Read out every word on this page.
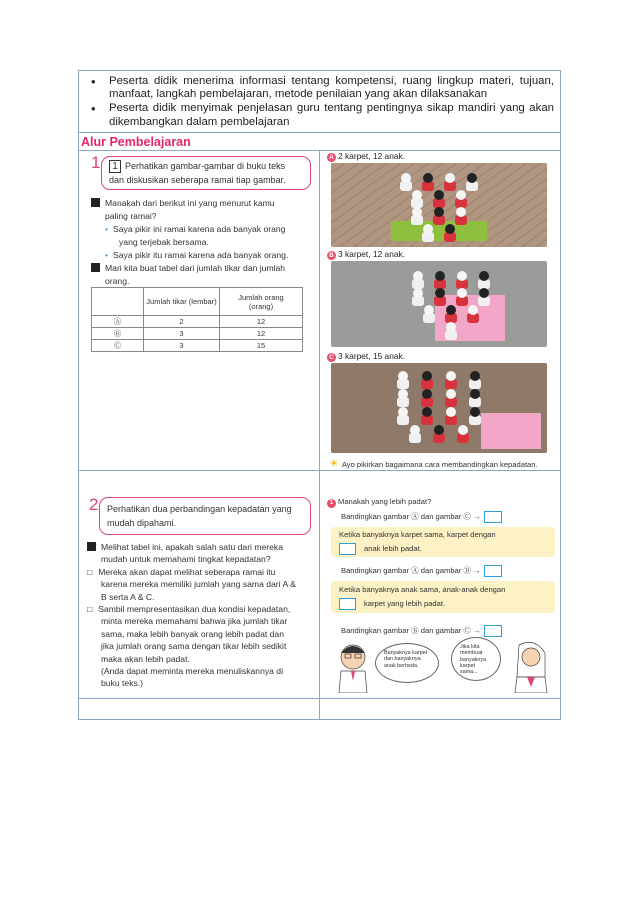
• Peserta didik menerima informasi tentang kompetensi, ruang lingkup materi, tujuan, manfaat, langkah pembelajaran, metode penilaian yang akan dilaksanakan
• Peserta didik menyimak penjelasan guru tentang pentingnya sikap mandiri yang akan dikembangkan dalam pembelajaran
Alur Pembelajaran
1	1 Perhatikan gambar-gambar di buku teks
dan diskusikan seberapa ramai tiap gambar.
Manakah dari berikut ini yang menurut kamu
paling ramai?
• Saya pikir ini ramai karena ada banyak orang
yang terjebak bersama.
• Saya pikir itu ramai karena ada banyak orang.
Mari kita buat tabel dari jumlah tikar dan jumlah
orang.
	Jumlah tikar (lembar)	Jumlah orang
(orang)
Ⓐ	2	12
Ⓑ	3	12
Ⓒ	3	15
A 2 karpet, 12 anak.
B 3 karpet, 12 anak.
C 3 karpet, 15 anak.
☀ Ayo pikirkan bagaimana cara membandingkan kepadatan.
2 Perhatikan dua perbandingan kepadatan yang
mudah dipahami.
Melihat tabel ini, apakah salah satu dari mereka
mudah untuk memahami tingkat kepadatan?
□ Mereka akan dapat melihat seberapa ramai itu
karena mereka memiliki jumlah yang sama dari A &
B serta A & C.
□ Sambil mempresentasikan dua kondisi kepadatan,
minta mereka memahami bahwa jika jumlah tikar
sama, maka lebih banyak orang lebih padat dan
jika jumlah orang sama dengan tikar lebih sedikit
maka akan lebih padat.
(Anda dapat meminta mereka menuliskannya di
buku teks.)
1 Manakah yang lebih padat?
Bandingkan gambar Ⓐ dan gambar Ⓒ →
Ketika banyaknya karpet sama, karpet dengan
anak lebih padat.
Bandingkan gambar Ⓐ dan gambar Ⓑ →
Ketika banyaknya anak sama, anak-anak dengan
karpet yang lebih padat.
Bandingkan gambar Ⓑ dan gambar Ⓒ →
Banyaknya karpet dan banyaknya anak berbeda.
Jika kita membuat banyaknya karpet sama...
